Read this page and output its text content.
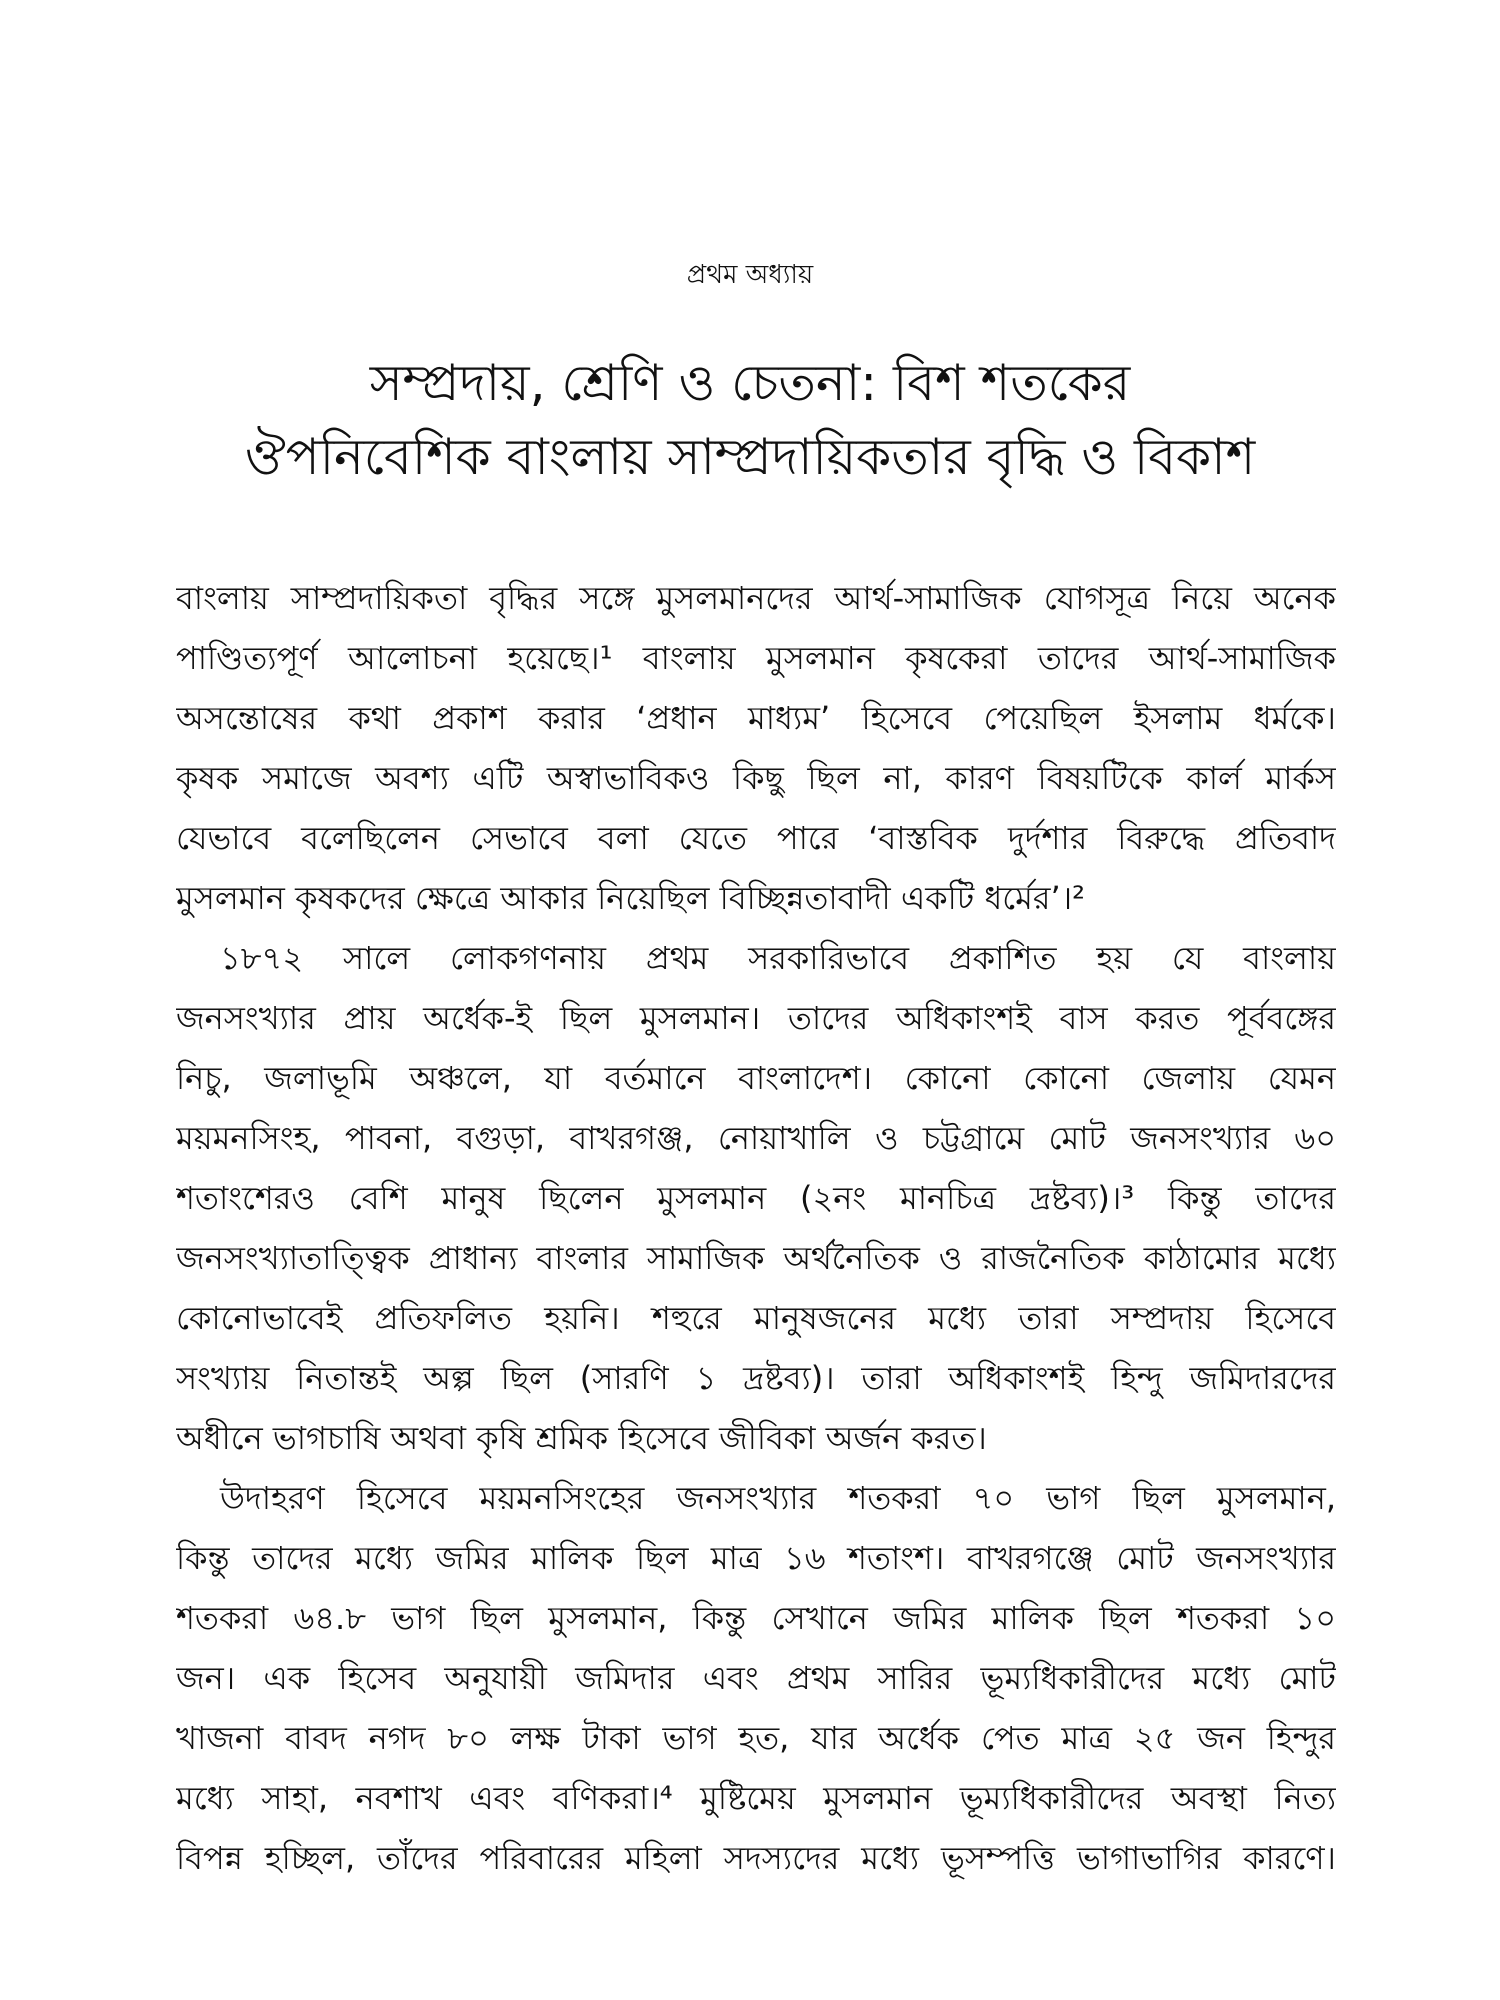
প্রথম অধ্যায়
সম্প্রদায়, শ্রেণি ও চেতনা: বিশ শতকের
ঔপনিবেশিক বাংলায় সাম্প্রদায়িকতার বৃদ্ধি ও বিকাশ
বাংলায় সাম্প্রদায়িকতা বৃদ্ধির সঙ্গে মুসলমানদের আর্থ-সামাজিক যোগসূত্র নিয়ে অনেক
পাণ্ডিত্যপূর্ণ আলোচনা হয়েছে।¹ বাংলায় মুসলমান কৃষকেরা তাদের আর্থ-সামাজিক
অসন্তোষের কথা প্রকাশ করার ‘প্রধান মাধ্যম’ হিসেবে পেয়েছিল ইসলাম ধর্মকে।
কৃষক সমাজে অবশ্য এটি অস্বাভাবিকও কিছু ছিল না, কারণ বিষয়টিকে কার্ল মার্কস
যেভাবে বলেছিলেন সেভাবে বলা যেতে পারে ‘বাস্তবিক দুর্দশার বিরুদ্ধে প্রতিবাদ
মুসলমান কৃষকদের ক্ষেত্রে আকার নিয়েছিল বিচ্ছিন্নতাবাদী একটি ধর্মের’।²
১৮৭২ সালে লোকগণনায় প্রথম সরকারিভাবে প্রকাশিত হয় যে বাংলায়
জনসংখ্যার প্রায় অর্ধেক-ই ছিল মুসলমান। তাদের অধিকাংশই বাস করত পূর্ববঙ্গের
নিচু, জলাভূমি অঞ্চলে, যা বর্তমানে বাংলাদেশ। কোনো কোনো জেলায় যেমন
ময়মনসিংহ, পাবনা, বগুড়া, বাখরগঞ্জ, নোয়াখালি ও চট্টগ্রামে মোট জনসংখ্যার ৬০
শতাংশেরও বেশি মানুষ ছিলেন মুসলমান (২নং মানচিত্র দ্রষ্টব্য)।³ কিন্তু তাদের
জনসংখ্যাতাত্ত্বিক প্রাধান্য বাংলার সামাজিক অর্থনৈতিক ও রাজনৈতিক কাঠামোর মধ্যে
কোনোভাবেই প্রতিফলিত হয়নি। শহুরে মানুষজনের মধ্যে তারা সম্প্রদায় হিসেবে
সংখ্যায় নিতান্তই অল্প ছিল (সারণি ১ দ্রষ্টব্য)। তারা অধিকাংশই হিন্দু জমিদারদের
অধীনে ভাগচাষি অথবা কৃষি শ্রমিক হিসেবে জীবিকা অর্জন করত।
উদাহরণ হিসেবে ময়মনসিংহের জনসংখ্যার শতকরা ৭০ ভাগ ছিল মুসলমান,
কিন্তু তাদের মধ্যে জমির মালিক ছিল মাত্র ১৬ শতাংশ। বাখরগঞ্জে মোট জনসংখ্যার
শতকরা ৬৪.৮ ভাগ ছিল মুসলমান, কিন্তু সেখানে জমির মালিক ছিল শতকরা ১০
জন। এক হিসেব অনুযায়ী জমিদার এবং প্রথম সারির ভূম্যধিকারীদের মধ্যে মোট
খাজনা বাবদ নগদ ৮০ লক্ষ টাকা ভাগ হত, যার অর্ধেক পেত মাত্র ২৫ জন হিন্দুর
মধ্যে সাহা, নবশাখ এবং বণিকরা।⁴ মুষ্টিমেয় মুসলমান ভূম্যধিকারীদের অবস্থা নিত্য
বিপন্ন হচ্ছিল, তাঁদের পরিবারের মহিলা সদস্যদের মধ্যে ভূসম্পত্তি ভাগাভাগির কারণে।
